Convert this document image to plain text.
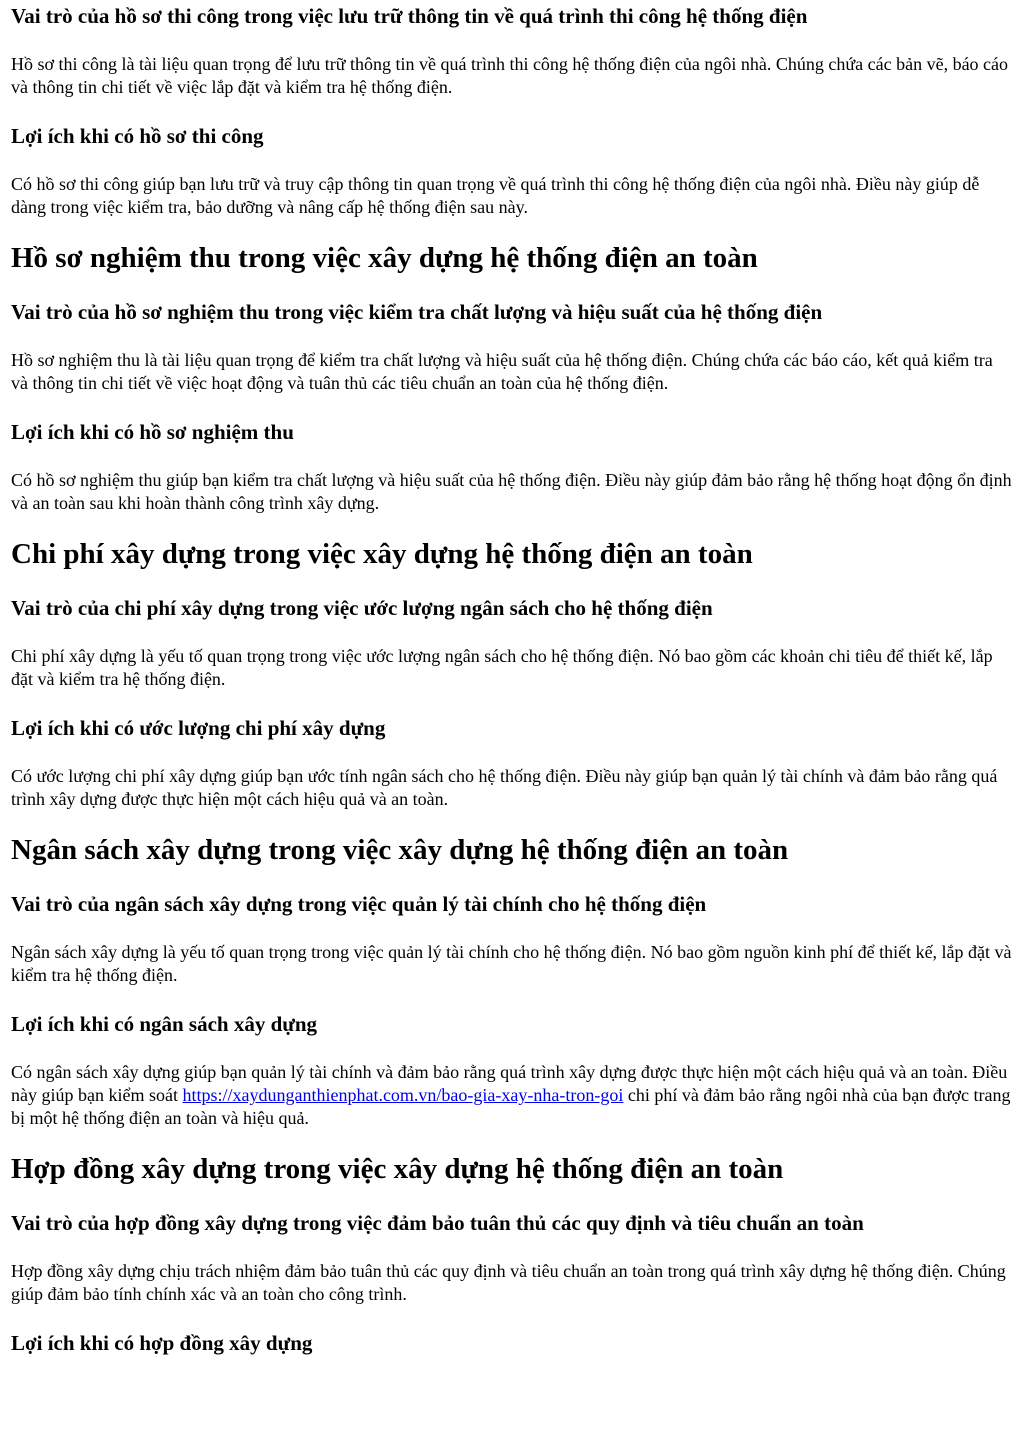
Vai trò của hồ sơ thi công trong việc lưu trữ thông tin về quá trình thi công hệ thống điện

Hồ sơ thi công là tài liệu quan trọng để lưu trữ thông tin về quá trình thi công hệ thống điện của ngôi nhà. Chúng chứa các bản vẽ, báo cáo và thông tin chi tiết về việc lắp đặt và kiểm tra hệ thống điện.

Lợi ích khi có hồ sơ thi công

Có hồ sơ thi công giúp bạn lưu trữ và truy cập thông tin quan trọng về quá trình thi công hệ thống điện của ngôi nhà. Điều này giúp dễ dàng trong việc kiểm tra, bảo dưỡng và nâng cấp hệ thống điện sau này.

Hồ sơ nghiệm thu trong việc xây dựng hệ thống điện an toàn
Vai trò của hồ sơ nghiệm thu trong việc kiểm tra chất lượng và hiệu suất của hệ thống điện

Hồ sơ nghiệm thu là tài liệu quan trọng để kiểm tra chất lượng và hiệu suất của hệ thống điện. Chúng chứa các báo cáo, kết quả kiểm tra và thông tin chi tiết về việc hoạt động và tuân thủ các tiêu chuẩn an toàn của hệ thống điện.

Lợi ích khi có hồ sơ nghiệm thu

Có hồ sơ nghiệm thu giúp bạn kiểm tra chất lượng và hiệu suất của hệ thống điện. Điều này giúp đảm bảo rằng hệ thống hoạt động ổn định và an toàn sau khi hoàn thành công trình xây dựng.

Chi phí xây dựng trong việc xây dựng hệ thống điện an toàn
Vai trò của chi phí xây dựng trong việc ước lượng ngân sách cho hệ thống điện

Chi phí xây dựng là yếu tố quan trọng trong việc ước lượng ngân sách cho hệ thống điện. Nó bao gồm các khoản chi tiêu để thiết kế, lắp đặt và kiểm tra hệ thống điện.

Lợi ích khi có ước lượng chi phí xây dựng

Có ước lượng chi phí xây dựng giúp bạn ước tính ngân sách cho hệ thống điện. Điều này giúp bạn quản lý tài chính và đảm bảo rằng quá trình xây dựng được thực hiện một cách hiệu quả và an toàn.

Ngân sách xây dựng trong việc xây dựng hệ thống điện an toàn
Vai trò của ngân sách xây dựng trong việc quản lý tài chính cho hệ thống điện

Ngân sách xây dựng là yếu tố quan trọng trong việc quản lý tài chính cho hệ thống điện. Nó bao gồm nguồn kinh phí để thiết kế, lắp đặt và kiểm tra hệ thống điện.

Lợi ích khi có ngân sách xây dựng

Có ngân sách xây dựng giúp bạn quản lý tài chính và đảm bảo rằng quá trình xây dựng được thực hiện một cách hiệu quả và an toàn. Điều này giúp bạn kiểm soát https://xaydunganthienphat.com.vn/bao-gia-xay-nha-tron-goi chi phí và đảm bảo rằng ngôi nhà của bạn được trang bị một hệ thống điện an toàn và hiệu quả.

Hợp đồng xây dựng trong việc xây dựng hệ thống điện an toàn
Vai trò của hợp đồng xây dựng trong việc đảm bảo tuân thủ các quy định và tiêu chuẩn an toàn

Hợp đồng xây dựng chịu trách nhiệm đảm bảo tuân thủ các quy định và tiêu chuẩn an toàn trong quá trình xây dựng hệ thống điện. Chúng giúp đảm bảo tính chính xác và an toàn cho công trình.

Lợi ích khi có hợp đồng xây dựng
